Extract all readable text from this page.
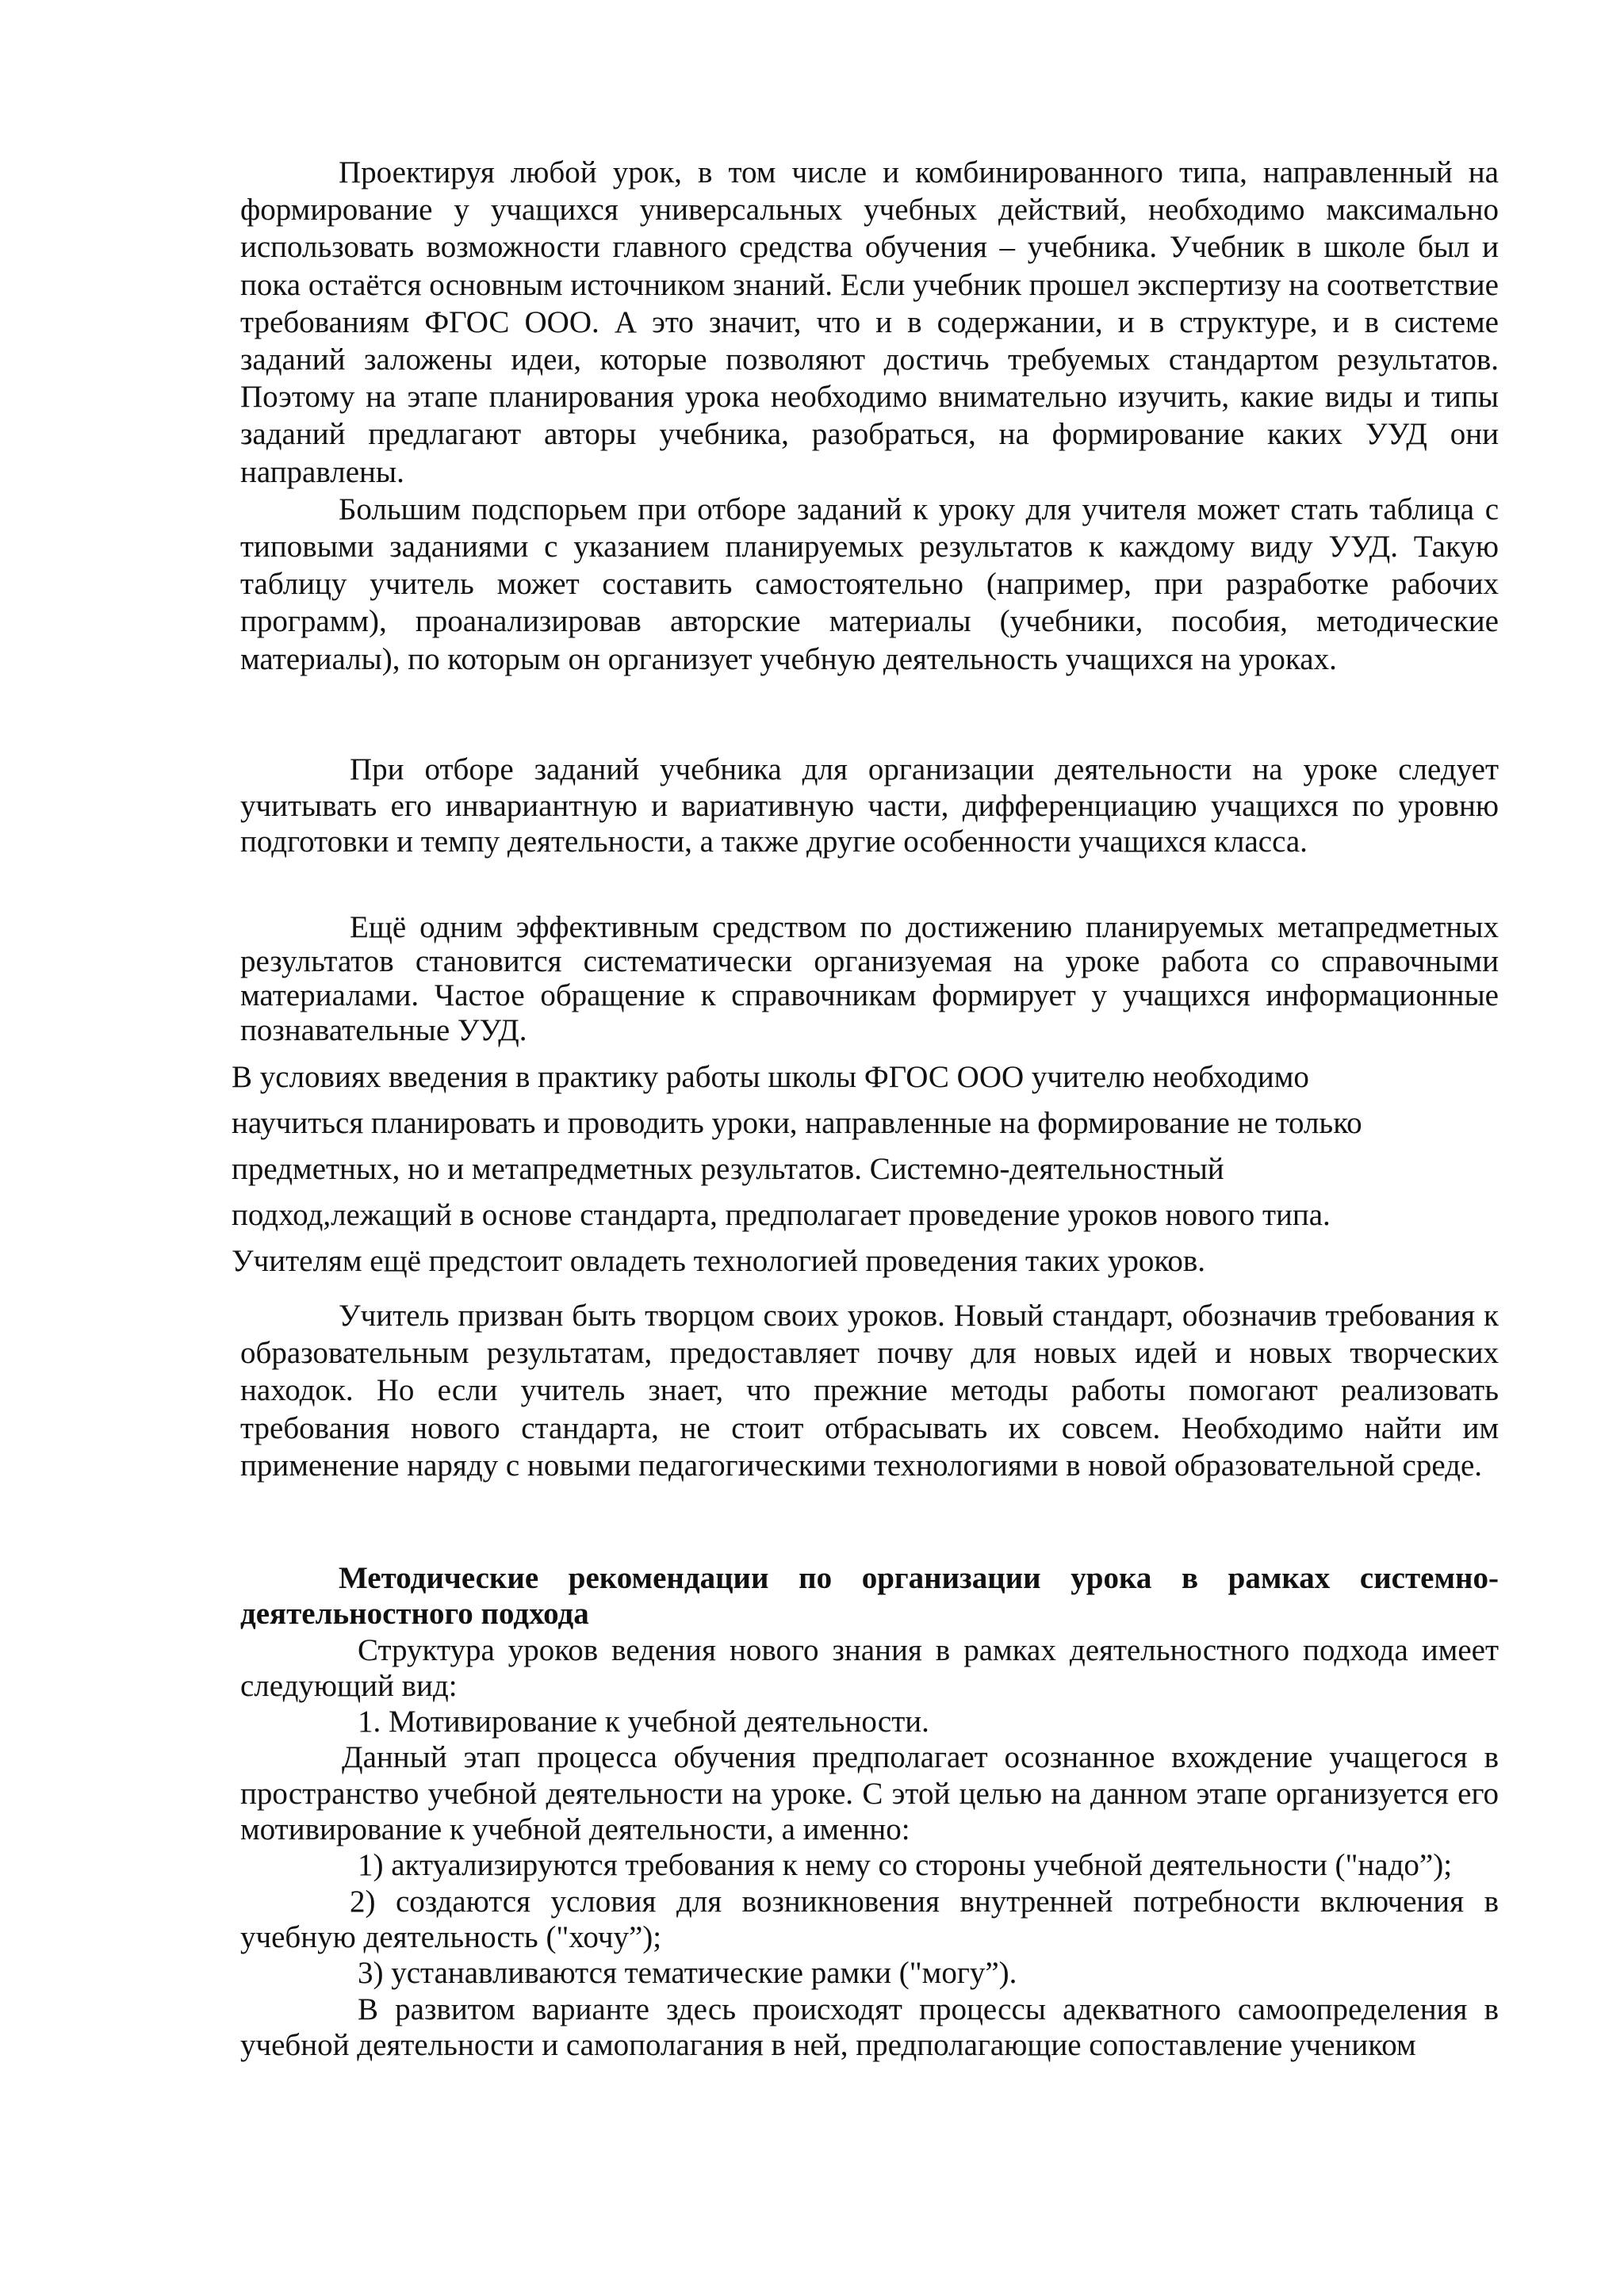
Проектируя любой урок, в том числе и комбинированного типа, направленный на формирование у учащихся универсальных учебных действий, необходимо максимально использовать возможности главного средства обучения – учебника. Учебник в школе был и пока остаётся основным источником знаний. Если учебник прошел экспертизу на соответствие требованиям ФГОС ООО. А это значит, что и в содержании, и в структуре, и в системе заданий заложены идеи, которые позволяют достичь требуемых стандартом результатов. Поэтому на этапе планирования урока необходимо внимательно изучить, какие виды и типы заданий предлагают авторы учебника, разобраться, на формирование каких УУД они направлены.

Большим подспорьем при отборе заданий к уроку для учителя может стать таблица с типовыми заданиями с указанием планируемых результатов к каждому виду УУД. Такую таблицу учитель может составить самостоятельно (например, при разработке рабочих программ), проанализировав авторские материалы (учебники, пособия, методические материалы), по которым он организует учебную деятельность учащихся на уроках.

При отборе заданий учебника для организации деятельности на уроке следует учитывать его инвариантную и вариативную части, дифференциацию учащихся по уровню подготовки и темпу деятельности, а также другие особенности учащихся класса.

Ещё одним эффективным средством по достижению планируемых метапредметных результатов становится систематически организуемая на уроке работа со справочными материалами. Частое обращение к справочникам формирует у учащихся информационные познавательные УУД.

В условиях введения в практику работы школы ФГОС ООО учителю необходимо

научиться планировать и проводить уроки, направленные на формирование не только

предметных, но и метапредметных результатов. Системно-деятельностный

подход,лежащий в основе стандарта, предполагает проведение уроков нового типа.

Учителям ещё предстоит овладеть технологией проведения таких уроков.

Учитель призван быть творцом своих уроков. Новый стандарт, обозначив требования к образовательным результатам, предоставляет почву для новых идей и новых творческих находок. Но если учитель знает, что прежние методы работы помогают реализовать требования нового стандарта, не стоит отбрасывать их совсем. Необходимо найти им применение наряду с новыми педагогическими технологиями в новой образовательной среде.

Методические рекомендации по организации урока в рамках системно-деятельностного подхода

Структура уроков ведения нового знания в рамках деятельностного подхода имеет следующий вид:

1. Мотивирование к учебной деятельности.

Данный этап процесса обучения предполагает осознанное вхождение учащегося в пространство учебной деятельности на уроке. С этой целью на данном этапе организуется его мотивирование к учебной деятельности, а именно:

1) актуализируются требования к нему со стороны учебной деятельности ("надо”);

2) создаются условия для возникновения внутренней потребности включения в учебную деятельность ("хочу”);

3) устанавливаются тематические рамки ("могу”).

В развитом варианте здесь происходят процессы адекватного самоопределения в учебной деятельности и самополагания в ней, предполагающие сопоставление учеником
